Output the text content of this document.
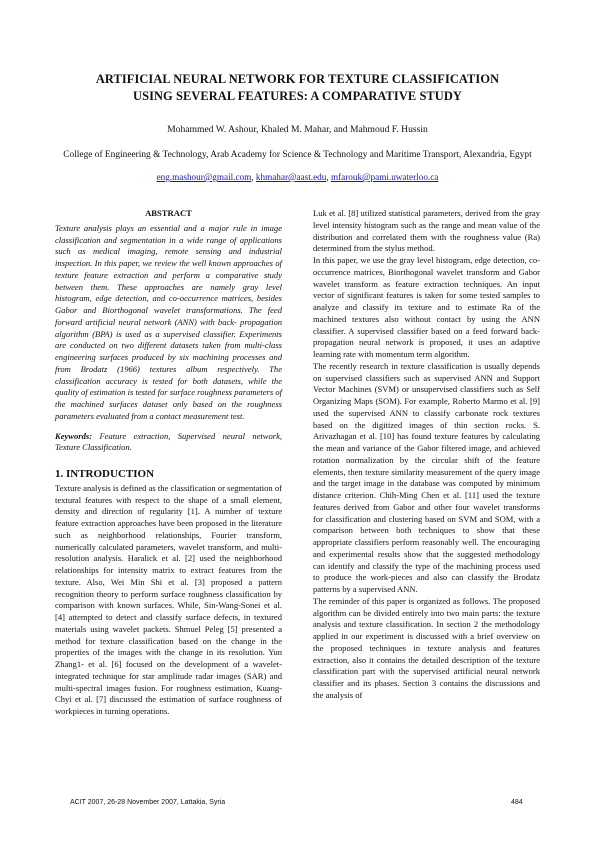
ARTIFICIAL NEURAL NETWORK FOR TEXTURE CLASSIFICATION
USING SEVERAL FEATURES: A COMPARATIVE STUDY
Mohammed W. Ashour, Khaled M. Mahar, and Mahmoud F. Hussin
College of Engineering & Technology, Arab Academy for Science & Technology and Maritime Transport, Alexandria, Egypt
eng.mashour@gmail.com, khmahar@aast.edu, mfarouk@pami.uwaterloo.ca
ABSTRACT

Texture analysis plays an essential and a major rule in image classification and segmentation in a wide range of applications such as medical imaging, remote sensing and industrial inspection. In this paper, we review the well known approaches of texture feature extraction and perform a comparative study between them. These approaches are namely gray level histogram, edge detection, and co-occurrence matrices, besides Gabor and Biorthogonal wavelet transformations. The feed forward artificial neural network (ANN) with back- propagation algorithm (BPA) is used as a supervised classifier. Experiments are conducted on two different datasets taken from multi-class engineering surfaces produced by six machining processes and from Brodatz (1966) textures album respectively. The classification accuracy is tested for both datasets, while the quality of estimation is tested for surface roughness parameters of the machined surfaces dataset only based on the roughness parameters evaluated from a contact measurement test.

Keywords: Feature extraction, Supervised neural network, Texture Classification.

1. INTRODUCTION

Texture analysis is defined as the classification or segmentation of textural features with respect to the shape of a small element, density and direction of regularity [1]. A number of texture feature extraction approaches have been proposed in the literature such as neighborhood relationships, Fourier transform, numerically calculated parameters, wavelet transform, and multi-resolution analysis. Haralick et al. [2] used the neighborhood relationships for intensity matrix to extract features from the texture. Also, Wei Min Shi et al. [3] proposed a pattern recognition theory to perform surface roughness classification by comparison with known surfaces. While, Sin-Wang-Sonei et al. [4] attempted to detect and classify surface defects, in textured materials using wavelet packets. Shmuel Peleg [5] presented a method for texture classification based on the change in the properties of the images with the change in its resolution. Yun Zhang1- et al. [6] focused on the development of a wavelet-integrated technique for star amplitude radar images (SAR) and multi-spectral images fusion. For roughness estimation, Kuang-Chyi et al. [7] discussed the estimation of surface roughness of workpieces in turning operations.

Luk et al. [8] utilized statistical parameters, derived from the gray level intensity histogram such as the range and mean value of the distribution and correlated them with the roughness value (Ra) determined from the stylus method.

In this paper, we use the gray level histogram, edge detection, co-occurrence matrices, Biorthogonal wavelet transform and Gabor wavelet transform as feature extraction techniques. An input vector of significant features is taken for some tested samples to analyze and classify its texture and to estimate Ra of the machined textures also without contact by using the ANN classifier. A supervised classifier based on a feed forward back- propagation neural network is proposed, it uses an adaptive learning rate with momentum term algorithm.

The recently research in texture classification is usually depends on supervised classifiers such as supervised ANN and Support Vector Machines (SVM) or unsupervised classifiers such as Self Organizing Maps (SOM). For example, Roberto Marmo et al. [9] used the supervised ANN to classify carbonate rock textures based on the digitized images of thin section rocks. S. Arivazhagan et al. [10] has found texture features by calculating the mean and variance of the Gabor filtered image, and achieved rotation normalization by the circular shift of the feature elements, then texture similarity measurement of the query image and the target image in the database was computed by minimum distance criterion. Chih-Ming Chen et al. [11] used the texture features derived from Gabor and other four wavelet transforms for classification and clustering based on SVM and SOM, with a comparison between both techniques to show that these appropriate classifiers perform reasonably well. The encouraging and experimental results show that the suggested methodology can identify and classify the type of the machining process used to produce the work-pieces and also can classify the Brodatz patterns by a supervised ANN.

The reminder of this paper is organized as follows. The proposed algorithm can be divided entirely into two main parts: the texture analysis and texture classification. In section 2 the methodology applied in our experiment is discussed with a brief overview on the proposed techniques in texture analysis and features extraction, also it contains the detailed description of the texture classification part with the supervised artificial neural network classifier and its phases. Section 3 contains the discussions and the analysis of

ACIT 2007, 26-28 November 2007, Lattakia, Syria	484
